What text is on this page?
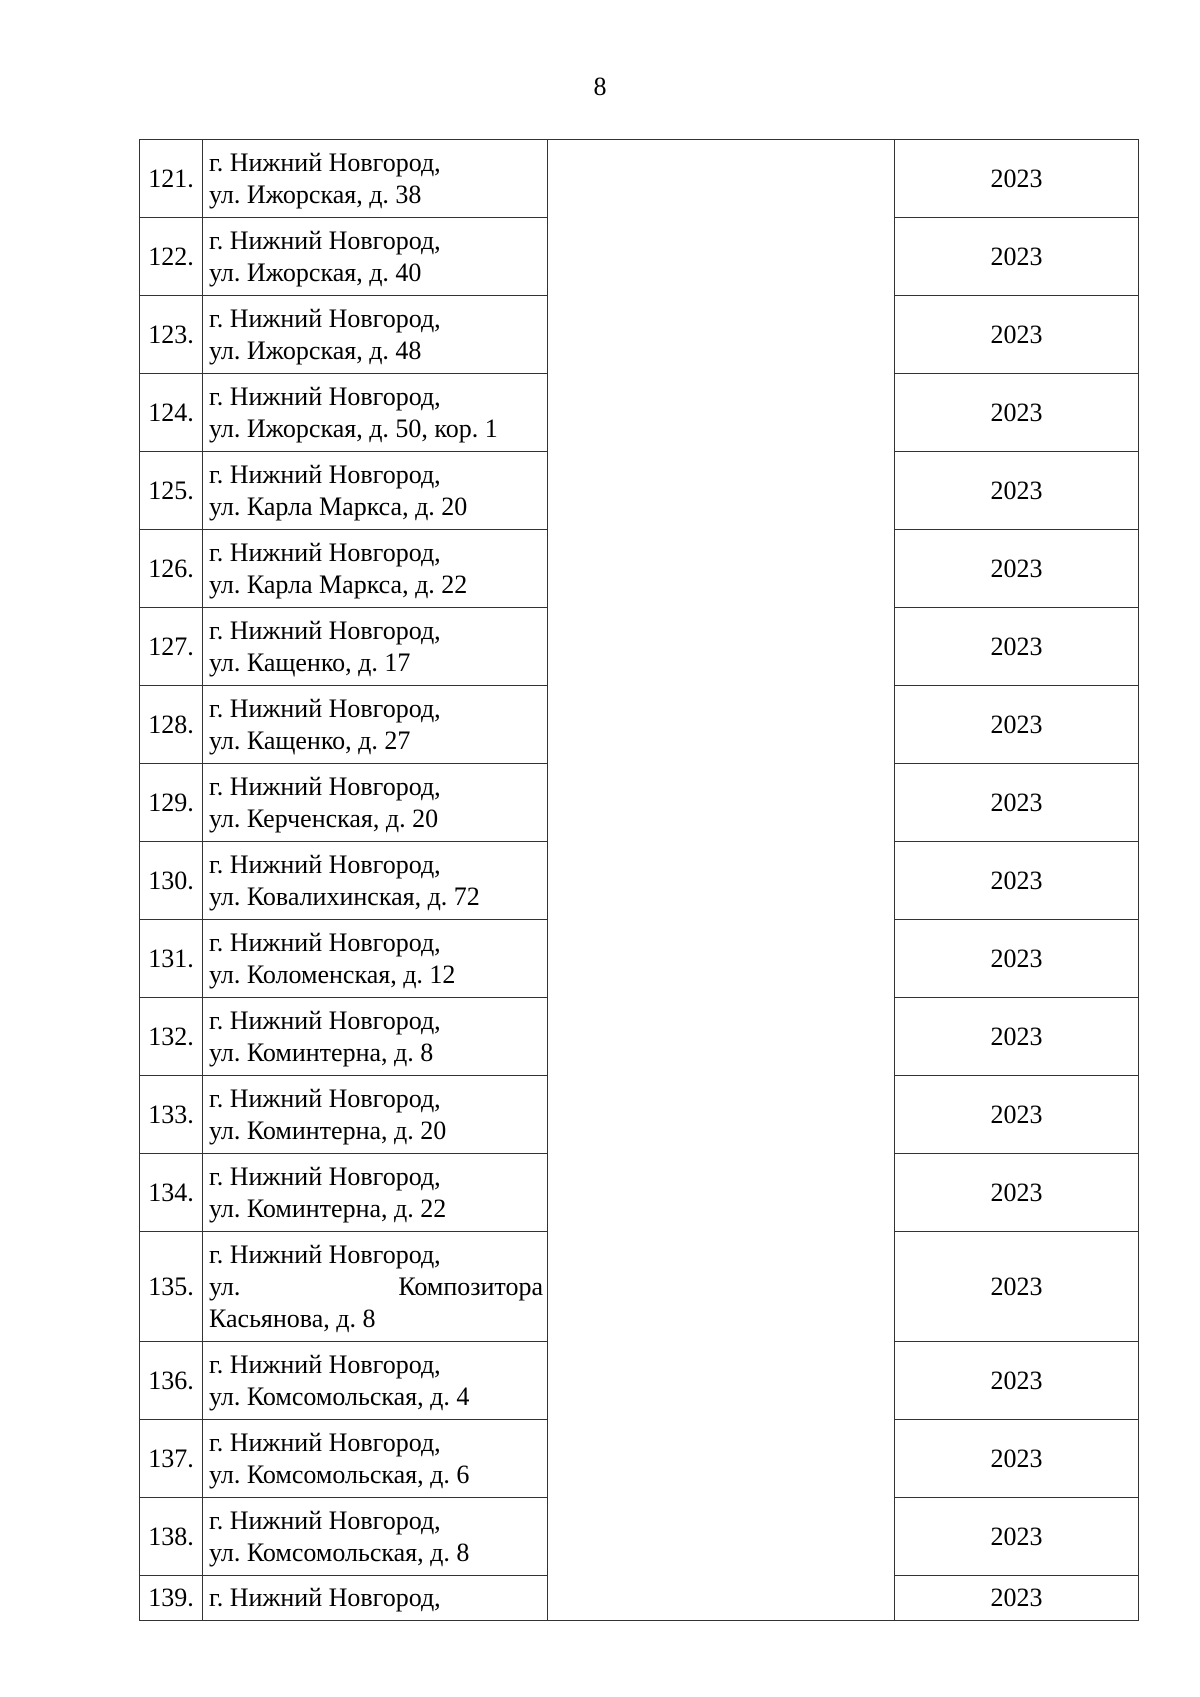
8
121.	г. Нижний Новгород,
ул. Ижорская, д. 38		2023
122.	г. Нижний Новгород,
ул. Ижорская, д. 40		2023
123.	г. Нижний Новгород,
ул. Ижорская, д. 48		2023
124.	г. Нижний Новгород,
ул. Ижорская, д. 50, кор. 1		2023
125.	г. Нижний Новгород,
ул. Карла Маркса, д. 20		2023
126.	г. Нижний Новгород,
ул. Карла Маркса, д. 22		2023
127.	г. Нижний Новгород,
ул. Кащенко, д. 17		2023
128.	г. Нижний Новгород,
ул. Кащенко, д. 27		2023
129.	г. Нижний Новгород,
ул. Керченская, д. 20		2023
130.	г. Нижний Новгород,
ул. Ковалихинская, д. 72		2023
131.	г. Нижний Новгород,
ул. Коломенская, д. 12		2023
132.	г. Нижний Новгород,
ул. Коминтерна, д. 8		2023
133.	г. Нижний Новгород,
ул. Коминтерна, д. 20		2023
134.	г. Нижний Новгород,
ул. Коминтерна, д. 22		2023
135.	г. Нижний Новгород,
ул. Композитора
Касьянова, д. 8		2023
136.	г. Нижний Новгород,
ул. Комсомольская, д. 4		2023
137.	г. Нижний Новгород,
ул. Комсомольская, д. 6		2023
138.	г. Нижний Новгород,
ул. Комсомольская, д. 8		2023
139.	г. Нижний Новгород,		2023
